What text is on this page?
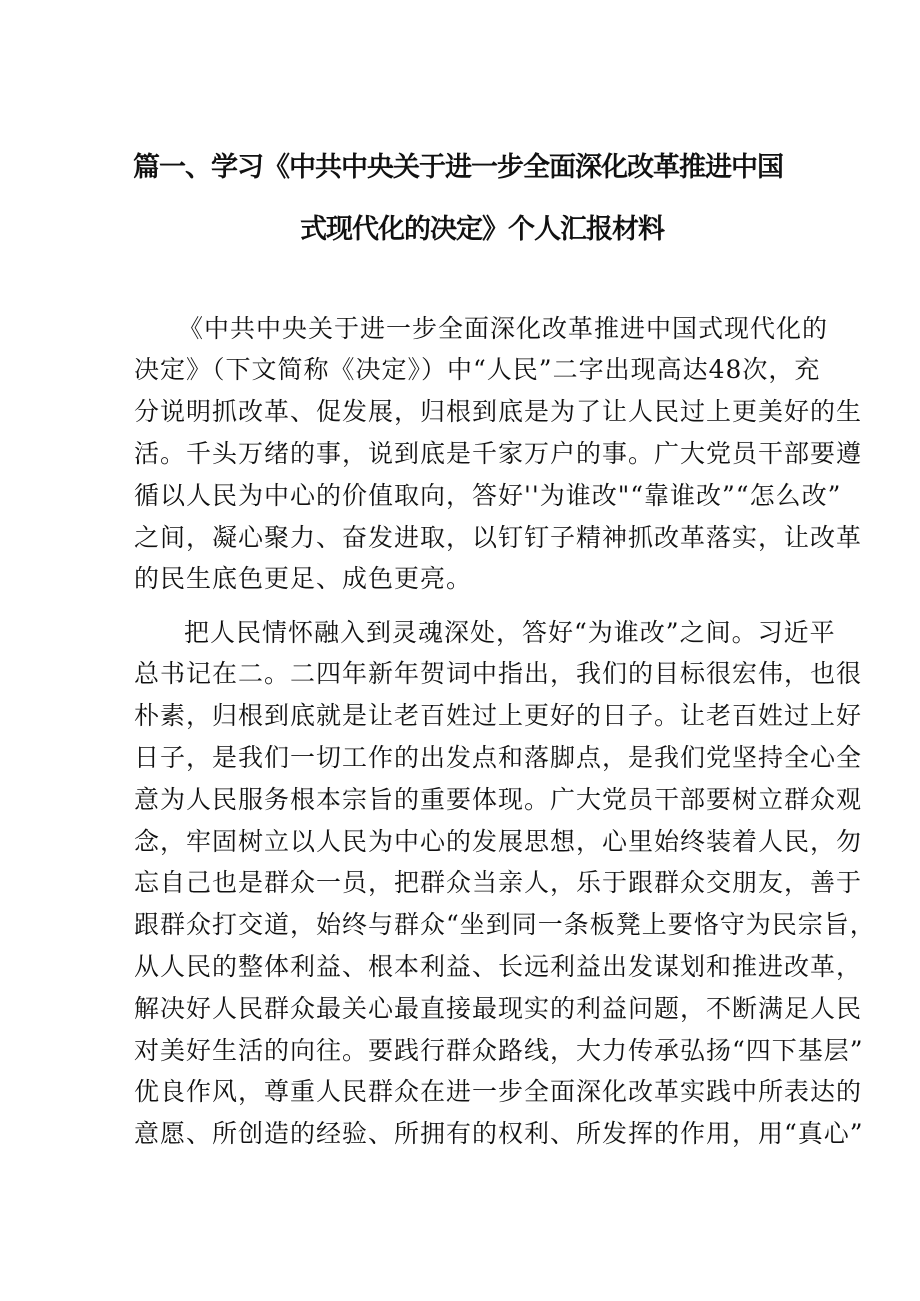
篇一、学习《中共中央关于进一步全面深化改革推进中国
式现代化的决定》个人汇报材料
《中共中央关于进一步全面深化改革推进中国式现代化的
决定》（下文简称《决定》）中“人民”二字出现高达48次，充
分说明抓改革、促发展，归根到底是为了让人民过上更美好的生
活。千头万绪的事，说到底是千家万户的事。广大党员干部要遵
循以人民为中心的价值取向，答好''为谁改"“靠谁改”“怎么改”
之间，凝心聚力、奋发进取，以钉钉子精神抓改革落实，让改革
的民生底色更足、成色更亮。
把人民情怀融入到灵魂深处，答好“为谁改”之间。习近平
总书记在二。二四年新年贺词中指出，我们的目标很宏伟，也很
朴素，归根到底就是让老百姓过上更好的日子。让老百姓过上好
日子，是我们一切工作的出发点和落脚点，是我们党坚持全心全
意为人民服务根本宗旨的重要体现。广大党员干部要树立群众观
念，牢固树立以人民为中心的发展思想，心里始终装着人民，勿
忘自己也是群众一员，把群众当亲人，乐于跟群众交朋友，善于
跟群众打交道，始终与群众“坐到同一条板凳上要恪守为民宗旨，
从人民的整体利益、根本利益、长远利益出发谋划和推进改革，
解决好人民群众最关心最直接最现实的利益问题，不断满足人民
对美好生活的向往。要践行群众路线，大力传承弘扬“四下基层”
优良作风，尊重人民群众在进一步全面深化改革实践中所表达的
意愿、所创造的经验、所拥有的权利、所发挥的作用，用“真心”
